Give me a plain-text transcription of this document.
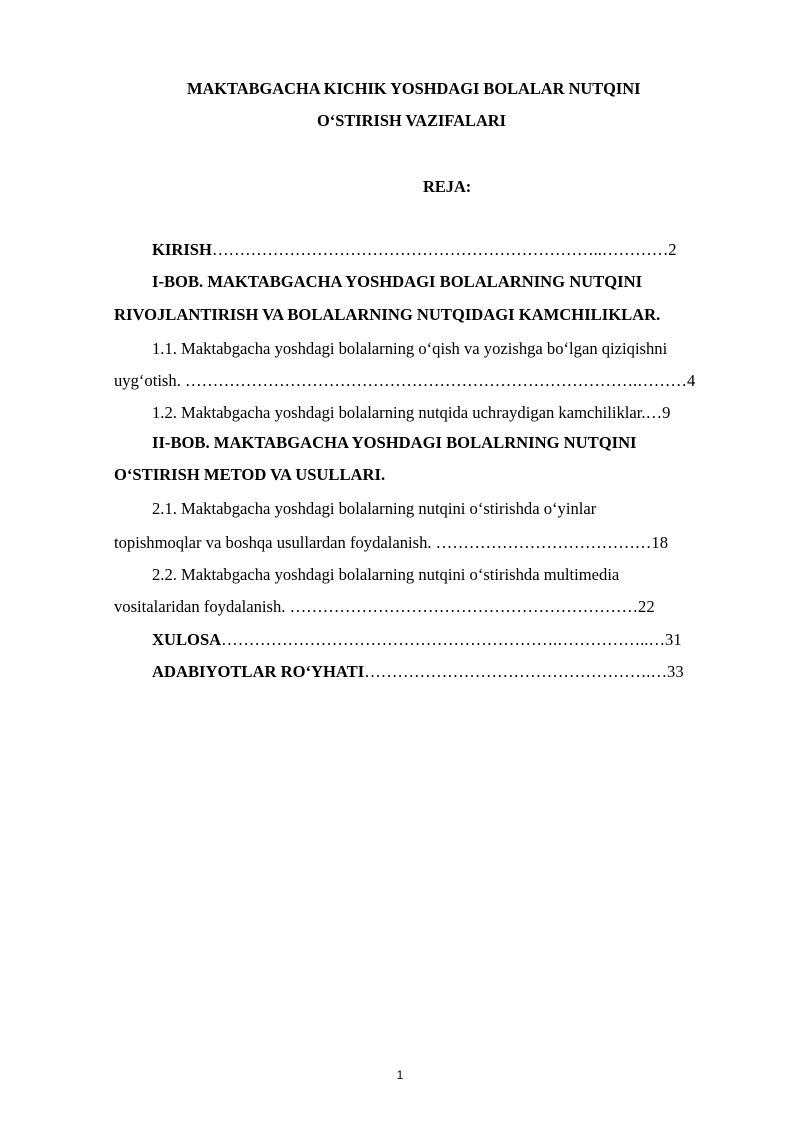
MAKTABGACHA KICHIK YOSHDAGI BOLALAR NUTQINI
O‘STIRISH VAZIFALARI
REJA:
KIRISH……………………………………………………………..…………2
I-BOB. MAKTABGACHA YOSHDAGI BOLALARNING NUTQINI
RIVOJLANTIRISH VA BOLALARNING NUTQIDAGI KAMCHILIKLAR.
1.1. Maktabgacha yoshdagi bolalarning o‘qish va yozishga bo‘lgan qiziqishni
uyg‘otish. ……………………………………………………………………….………4
1.2. Maktabgacha yoshdagi bolalarning nutqida uchraydigan kamchiliklar.…9
II-BOB. MAKTABGACHA YOSHDAGI BOLALRNING NUTQINI
O‘STIRISH METOD VA USULLARI.
2.1. Maktabgacha yoshdagi bolalarning nutqini o‘stirishda o‘yinlar
topishmoqlar va boshqa usullardan foydalanish. …………………………………18
2.2. Maktabgacha yoshdagi bolalarning nutqini o‘stirishda multimedia
vositalaridan foydalanish. ………………………………………………………22
XULOSA…………………………………………………….……………..…31
ADABIYOTLAR RO‘YHATI…………………………………………….…33
1
